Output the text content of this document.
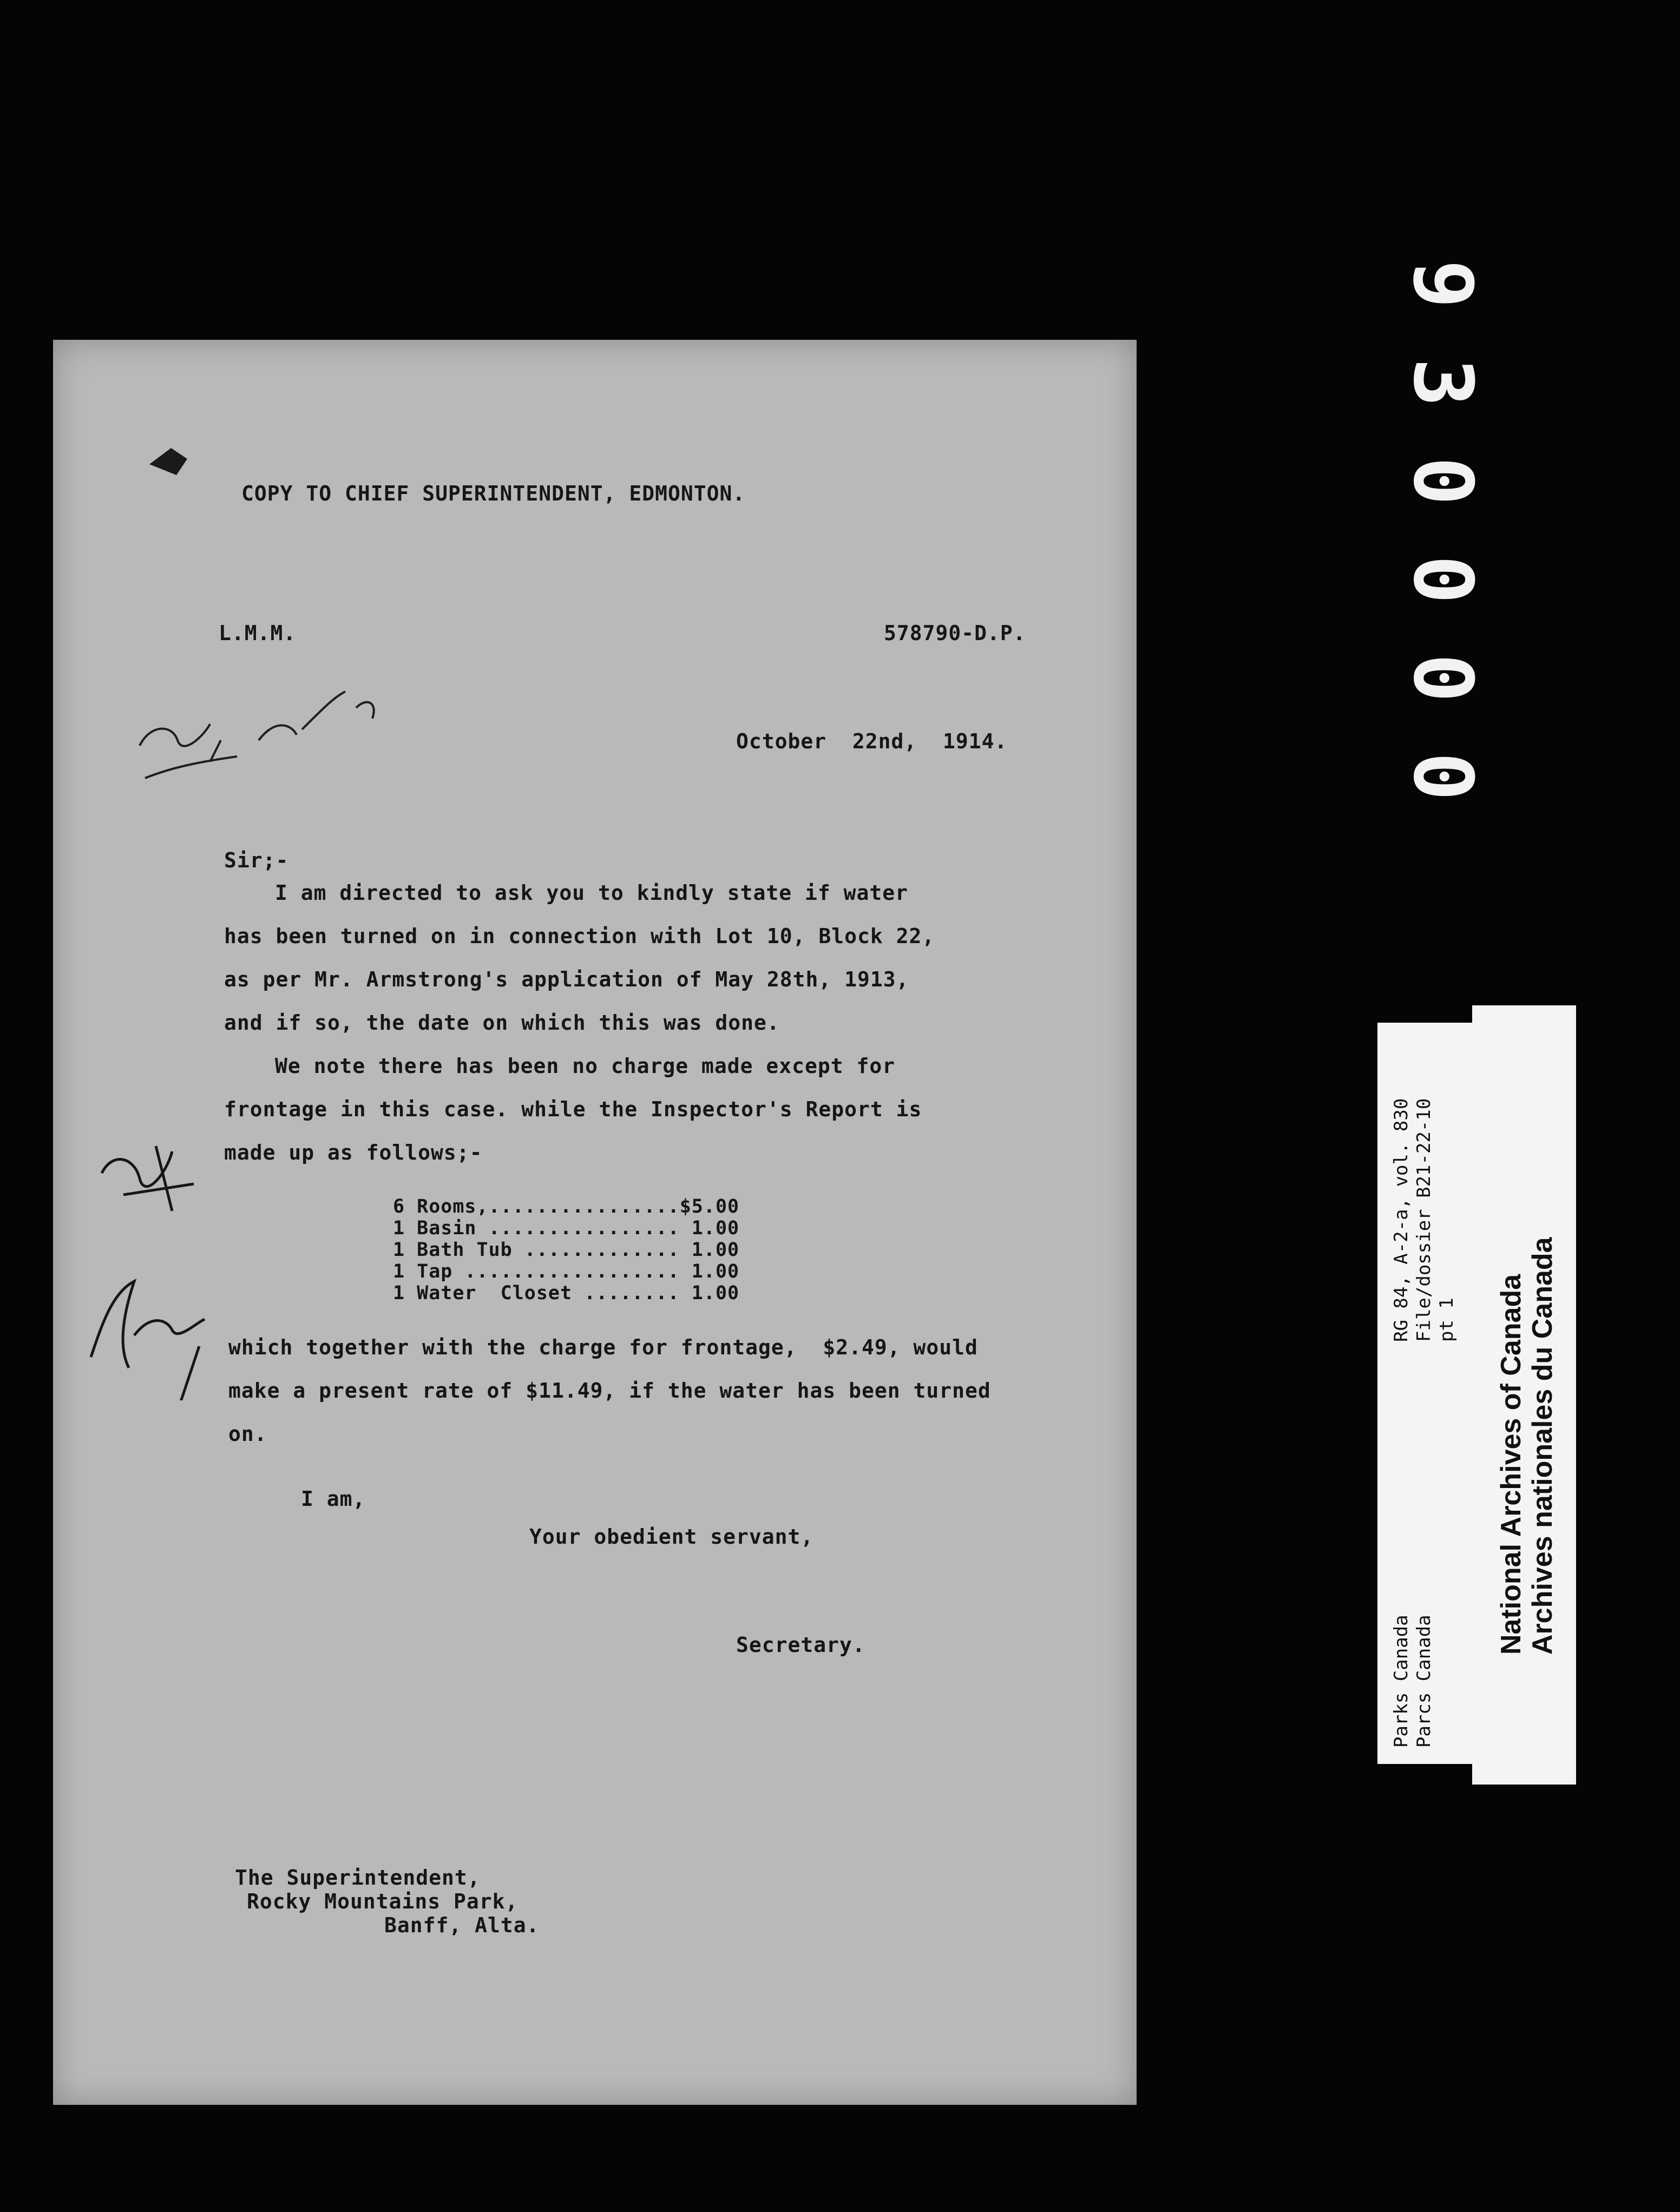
COPY TO CHIEF SUPERINTENDENT, EDMONTON.
L.M.M.	578790-D.P.
October  22nd,  1914.
Sir;-
I am directed to ask you to kindly state if water
has been turned on in connection with Lot 10, Block 22,
as per Mr. Armstrong's application of May 28th, 1913,
and if so, the date on which this was done.
We note there has been no charge made except for
frontage in this case. while the Inspector's Report is
made up as follows;-
6 Rooms,................$5.00
1 Basin ................ 1.00
1 Bath Tub ............. 1.00
1 Tap .................. 1.00
1 Water  Closet ........ 1.00
which together with the charge for frontage,  $2.49, would
make a present rate of $11.49, if the water has been turned
on.
I am,
Your obedient servant,
Secretary.
The Superintendent,
Rocky Mountains Park,
Banff, Alta.
9
3
0
0
0
0
RG 84, A-2-a, vol. 830 File/dossier B21-22-10 pt 1
Parks Canada Parcs Canada
National Archives of Canada Archives nationales du Canada
